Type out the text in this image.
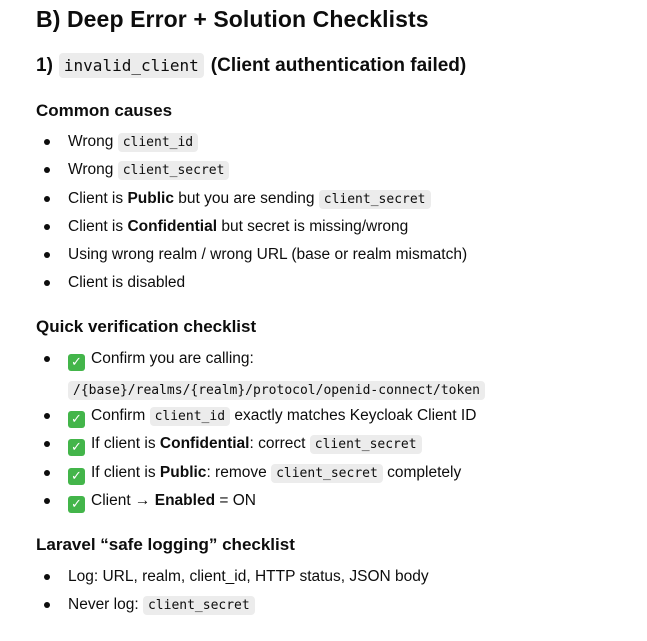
B) Deep Error + Solution Checklists
1) invalid_client (Client authentication failed)
Common causes
Wrong client_id
Wrong client_secret
Client is Public but you are sending client_secret
Client is Confidential but secret is missing/wrong
Using wrong realm / wrong URL (base or realm mismatch)
Client is disabled
Quick verification checklist
✓ Confirm you are calling:
/{base}/realms/{realm}/protocol/openid-connect/token
✓ Confirm client_id exactly matches Keycloak Client ID
✓ If client is Confidential: correct client_secret
✓ If client is Public: remove client_secret completely
✓ Client → Enabled = ON
Laravel “safe logging” checklist
Log: URL, realm, client_id, HTTP status, JSON body
Never log: client_secret
